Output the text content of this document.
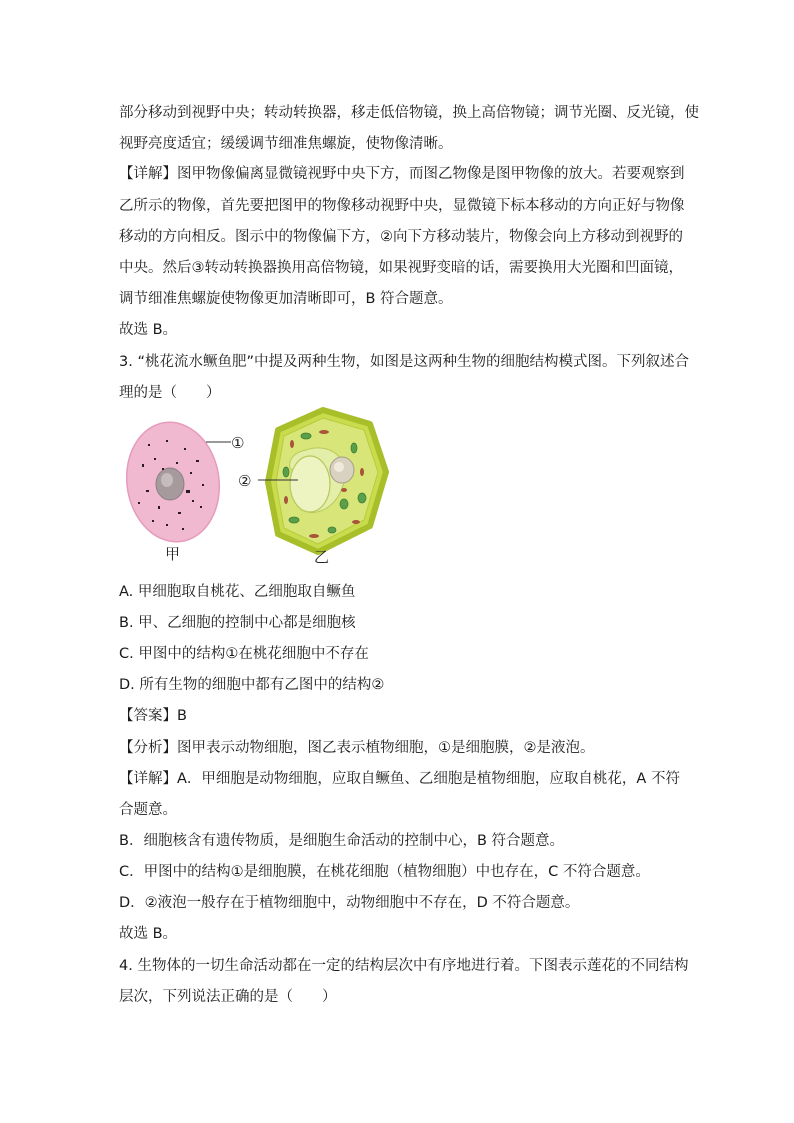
部分移动到视野中央；转动转换器，移走低倍物镜，换上高倍物镜；调节光圈、反光镜，使
视野亮度适宜；缓缓调节细准焦螺旋，使物像清晰。
【详解】图甲物像偏离显微镜视野中央下方，而图乙物像是图甲物像的放大。若要观察到
乙所示的物像，首先要把图甲的物像移动视野中央，显微镜下标本移动的方向正好与物像
移动的方向相反。图示中的物像偏下方，②向下方移动装片，物像会向上方移动到视野的
中央。然后③转动转换器换用高倍物镜，如果视野变暗的话，需要换用大光圈和凹面镜，
调节细准焦螺旋使物像更加清晰即可，B 符合题意。
故选 B。
3. “桃花流水鳜鱼肥”中提及两种生物，如图是这两种生物的细胞结构模式图。下列叙述合
理的是（　　）
①
②
甲	乙
A. 甲细胞取自桃花、乙细胞取自鳜鱼
B. 甲、乙细胞的控制中心都是细胞核
C. 甲图中的结构①在桃花细胞中不存在
D. 所有生物的细胞中都有乙图中的结构②
【答案】B
【分析】图甲表示动物细胞，图乙表示植物细胞，①是细胞膜，②是液泡。
【详解】A．甲细胞是动物细胞，应取自鳜鱼、乙细胞是植物细胞，应取自桃花，A 不符
合题意。
B．细胞核含有遗传物质，是细胞生命活动的控制中心，B 符合题意。
C．甲图中的结构①是细胞膜，在桃花细胞（植物细胞）中也存在，C 不符合题意。
D．②液泡一般存在于植物细胞中，动物细胞中不存在，D 不符合题意。
故选 B。
4. 生物体的一切生命活动都在一定的结构层次中有序地进行着。下图表示莲花的不同结构
层次，下列说法正确的是（　　）
